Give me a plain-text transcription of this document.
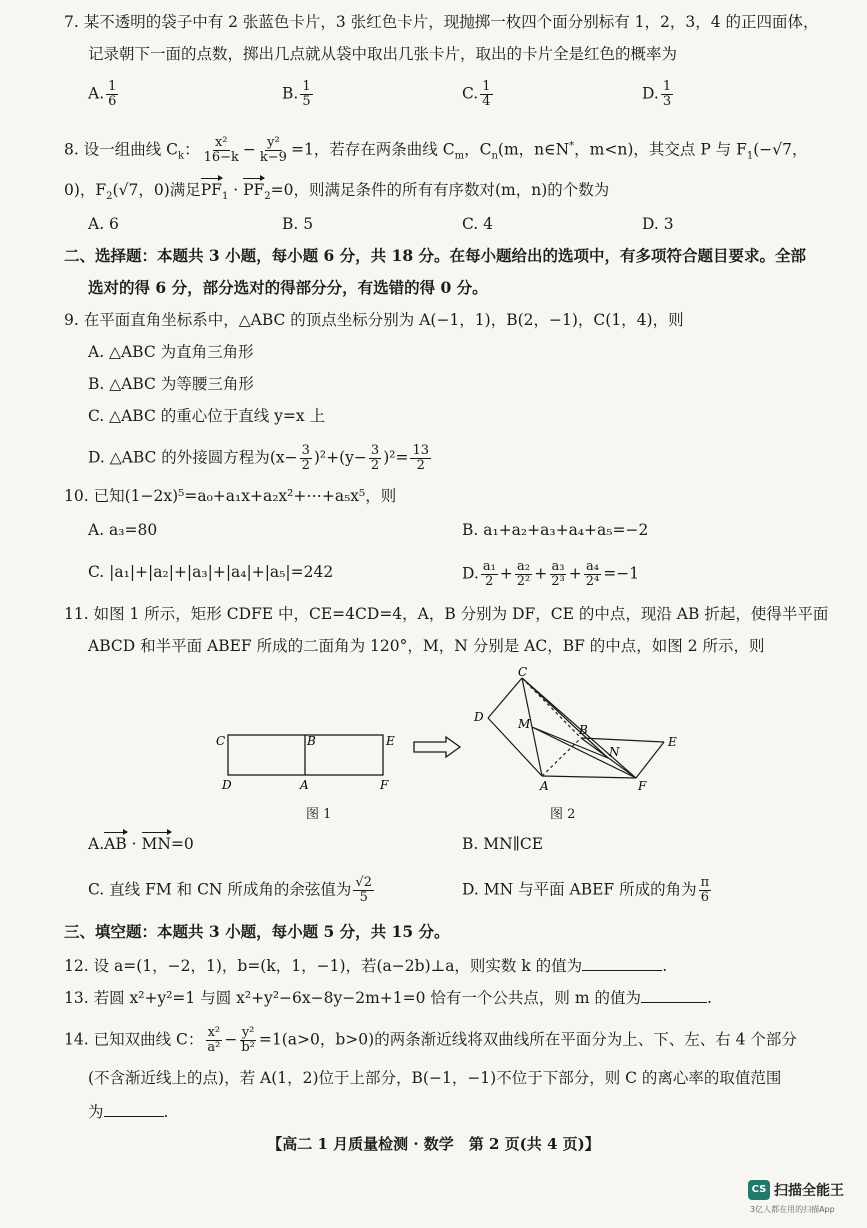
7. 某不透明的袋子中有 2 张蓝色卡片，3 张红色卡片，现抛掷一枚四个面分别标有 1，2，3，4 的正四面体，
记录朝下一面的点数，掷出几点就从袋中取出几张卡片，取出的卡片全是红色的概率为
A. $\frac{1}{6}$	B. $\frac{1}{5}$	C. $\frac{1}{4}$	D. $\frac{1}{3}$
8. 设一组曲线 $C_k$： $\frac{\text{x²}}{16-k} - \frac{\text{y²}}{k-9} =1$，若存在两条曲线 $C_m$，$C_n(m$，n∈N*，m<n)，其交点 P 与 $F_1(-√7$，
0)，$F_2(√7$，0)满足$PF_1 \cdot PF_2=0$，则满足条件的所有有序数对(m，n)的个数为
A. 6	B. 5	C. 4	D. 3
二、选择题：本题共 3 小题，每小题 6 分，共 18 分。在每小题给出的选项中，有多项符合题目要求。全部
选对的得 6 分，部分选对的得部分分，有选错的得 0 分。
9. 在平面直角坐标系中，△ABC 的顶点坐标分别为 A(−1，1)，B(2，−1)，C(1，4)，则
A. △ABC 为直角三角形
B. △ABC 为等腰三角形
C. △ABC 的重心位于直线 y=x 上
D. △ABC 的外接圆方程为$(x- \frac{3}{2} )^2+(y- \frac{3}{2} )^2= \frac{13}{2}$
10. 已知(1−2x)⁵=a₀+a₁x+a₂x²+⋯+a₅x⁵，则
A. a₃=80	B. a₁+a₂+a₃+a₄+a₅=−2
C. |a₁|+|a₂|+|a₃|+|a₄|+|a₅|=242	D. $\frac{\text{a₁}}{2} + \frac{\text{a₂}}{\text{2²}} + \frac{\text{a₃}}{\text{2³}} + \frac{\text{a₄}}{\text{2⁴}} =-1$
11. 如图 1 所示，矩形 CDFE 中，CE=4CD=4，A，B 分别为 DF，CE 的中点，现沿 AB 折起，使得半平面
ABCD 和半平面 ABEF 所成的二面角为 120°，M，N 分别是 AC，BF 的中点，如图 2 所示，则
C	B	E
D	A	F
C
D	M	B
N
E
A	F
图 1	图 2
A.AB · MN=0	B. MN∥CE
C. 直线 FM 和 CN 所成角的余弦值为 $\frac{√2}{5}$	D. MN 与平面 ABEF 所成的角为 $\frac{\pi}{6}$
三、填空题：本题共 3 小题，每小题 5 分，共 15 分。
12. 设 a=(1，−2，1)，b=(k，1，−1)，若(a−2b)⊥a，则实数 k 的值为	.
13. 若圆 x²+y²=1 与圆 x²+y²−6x−8y−2m+1=0 恰有一个公共点，则 m 的值为	.
14. 已知双曲线 C： $\frac{\text{x²}}{\text{a²}} - \frac{\text{y²}}{\text{b²}} =1(a>0$，b>0)的两条渐近线将双曲线所在平面分为上、下、左、右 4 个部分
(不含渐近线上的点)，若 A(1，2)位于上部分，B(−1，−1)不位于下部分，则 C 的离心率的取值范围
为	.
【高二 1 月质量检测 · 数学　第 2 页(共 4 页)】
CS 扫描全能王
3亿人都在用的扫描App
